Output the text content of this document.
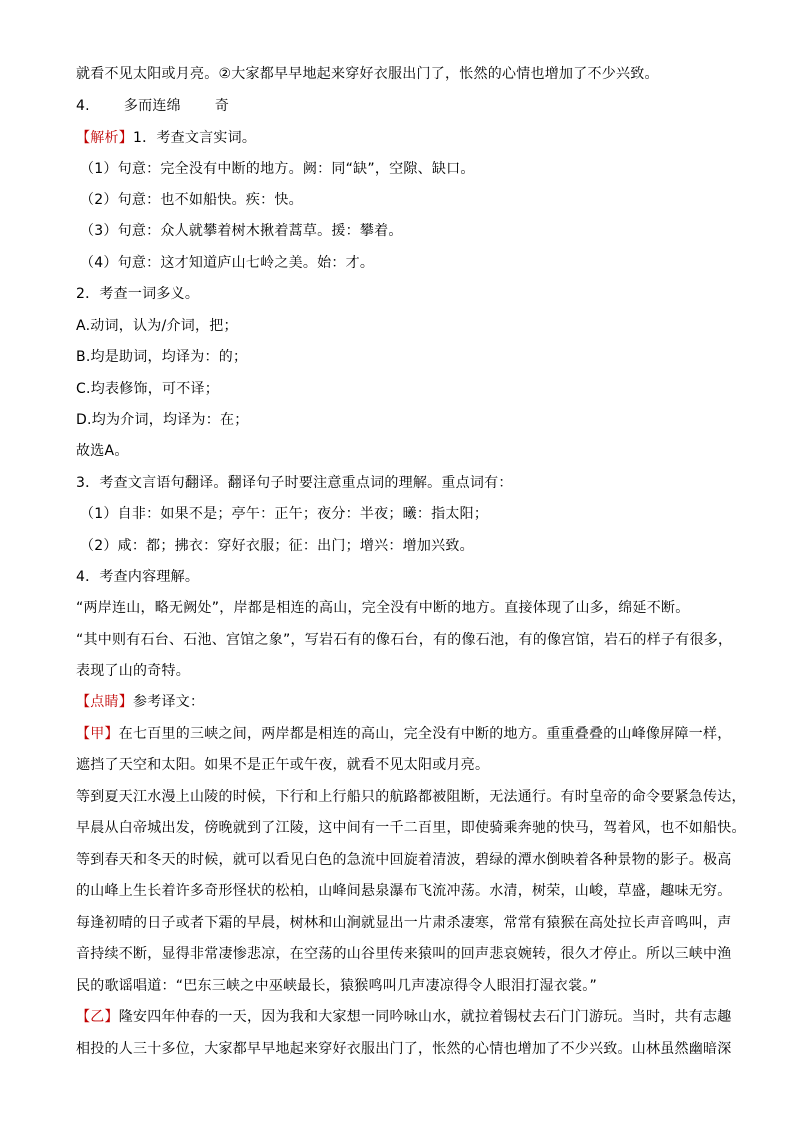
就看不见太阳或月亮。②大家都早早地起来穿好衣服出门了，怅然的心情也增加了不少兴致。
4. 多而连绵 奇
【解析】1．考查文言实词。
（1）句意：完全没有中断的地方。阙：同“缺”，空隙、缺口。
（2）句意：也不如船快。疾：快。
（3）句意：众人就攀着树木揪着蒿草。援：攀着。
（4）句意：这才知道庐山七岭之美。始：才。
2．考查一词多义。
A.动词，认为/介词，把；
B.均是助词，均译为：的；
C.均表修饰，可不译；
D.均为介词，均译为：在；
故选A。
3．考查文言语句翻译。翻译句子时要注意重点词的理解。重点词有：
（1）自非：如果不是；亭午：正午；夜分：半夜；曦：指太阳；
（2）咸：都；拂衣：穿好衣服；征：出门；增兴：增加兴致。
4．考查内容理解。
“两岸连山，略无阙处”，岸都是相连的高山，完全没有中断的地方。直接体现了山多，绵延不断。
“其中则有石台、石池、宫馆之象”，写岩石有的像石台，有的像石池，有的像宫馆，岩石的样子有很多，
表现了山的奇特。
【点睛】参考译文：
【甲】在七百里的三峡之间，两岸都是相连的高山，完全没有中断的地方。重重叠叠的山峰像屏障一样，
遮挡了天空和太阳。如果不是正午或午夜，就看不见太阳或月亮。
等到夏天江水漫上山陵的时候，下行和上行船只的航路都被阻断，无法通行。有时皇帝的命令要紧急传达，
早晨从白帝城出发，傍晚就到了江陵，这中间有一千二百里，即使骑乘奔驰的快马，驾着风，也不如船快。
等到春天和冬天的时候，就可以看见白色的急流中回旋着清波，碧绿的潭水倒映着各种景物的影子。极高
的山峰上生长着许多奇形怪状的松柏，山峰间悬泉瀑布飞流冲荡。水清，树荣，山峻，草盛，趣味无穷。
每逢初晴的日子或者下霜的早晨，树林和山涧就显出一片肃杀凄寒，常常有猿猴在高处拉长声音鸣叫，声
音持续不断，显得非常凄惨悲凉，在空荡的山谷里传来猿叫的回声悲哀婉转，很久才停止。所以三峡中渔
民的歌谣唱道：“巴东三峡之中巫峡最长，猿猴鸣叫几声凄凉得令人眼泪打湿衣裳。”
【乙】隆安四年仲春的一天，因为我和大家想一同吟咏山水，就拉着锡杖去石门门游玩。当时，共有志趣
相投的人三十多位，大家都早早地起来穿好衣服出门了，怅然的心情也增加了不少兴致。山林虽然幽暗深
